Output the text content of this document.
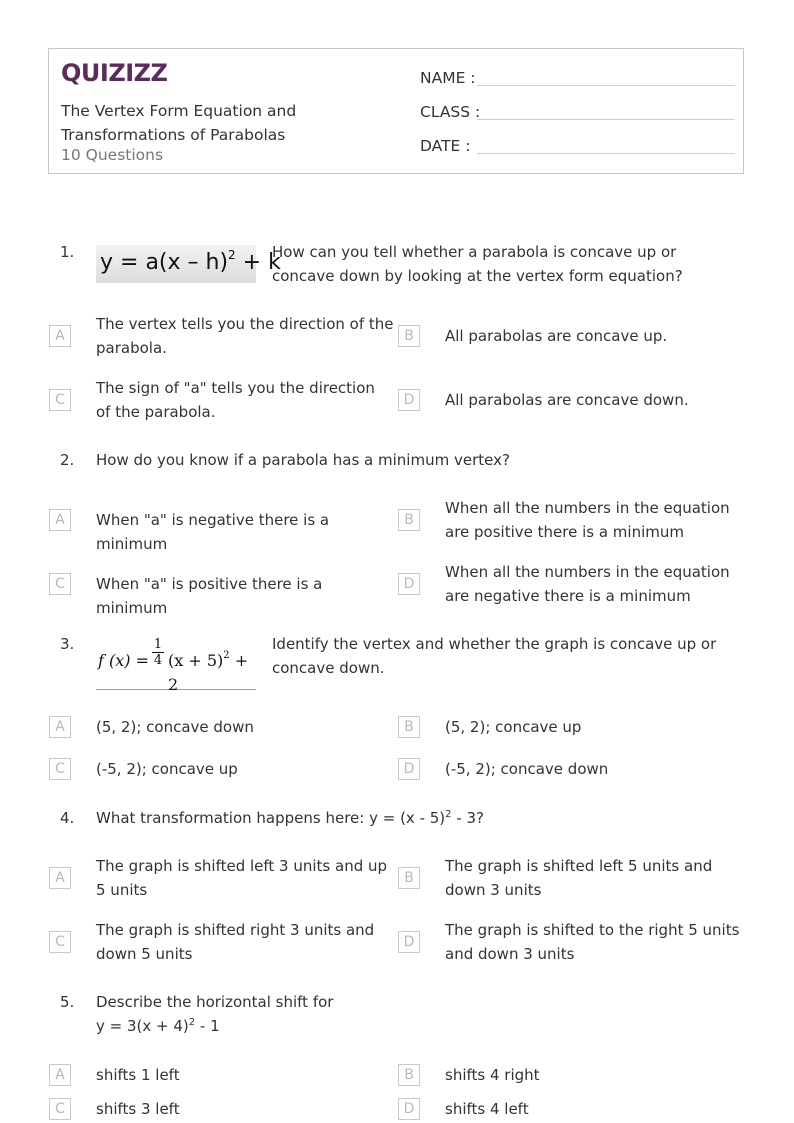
QUIZIZZ
The Vertex Form Equation and Transformations of Parabolas
10 Questions
NAME :
CLASS :
DATE :
1. y = a(x – h)$^2$ + k
How can you tell whether a parabola is concave up or concave down by looking at the vertex form equation?
A
The vertex tells you the direction of the parabola.
B	All parabolas are concave up.
C
The sign of "a" tells you the direction of the parabola.
D	All parabolas are concave down.
2. How do you know if a parabola has a minimum vertex?
A	When "a" is negative there is a minimum
B
When all the numbers in the equation are positive there is a minimum
C	When "a" is positive there is a minimum
D
When all the numbers in the equation are negative there is a minimum
3.
f $(x) = \frac{1}{4} (x + 5)^2 + 2$
Identify the vertex and whether the graph is concave up or concave down.
A	(5, 2); concave down	B	(5, 2); concave up
C	(-5, 2); concave up	D	(-5, 2); concave down
4. What transformation happens here: y = (x - 5)$^2$ - 3?
A
The graph is shifted left 3 units and up 5 units
B
The graph is shifted left 5 units and down 3 units
C
The graph is shifted right 3 units and down 5 units
D
The graph is shifted to the right 5 units and down 3 units
5. Describe the horizontal shift for
$y = 3(x + 4)^2 - 1$
A	shifts 1 left	B	shifts 4 right
C	shifts 3 left	D	shifts 4 left
